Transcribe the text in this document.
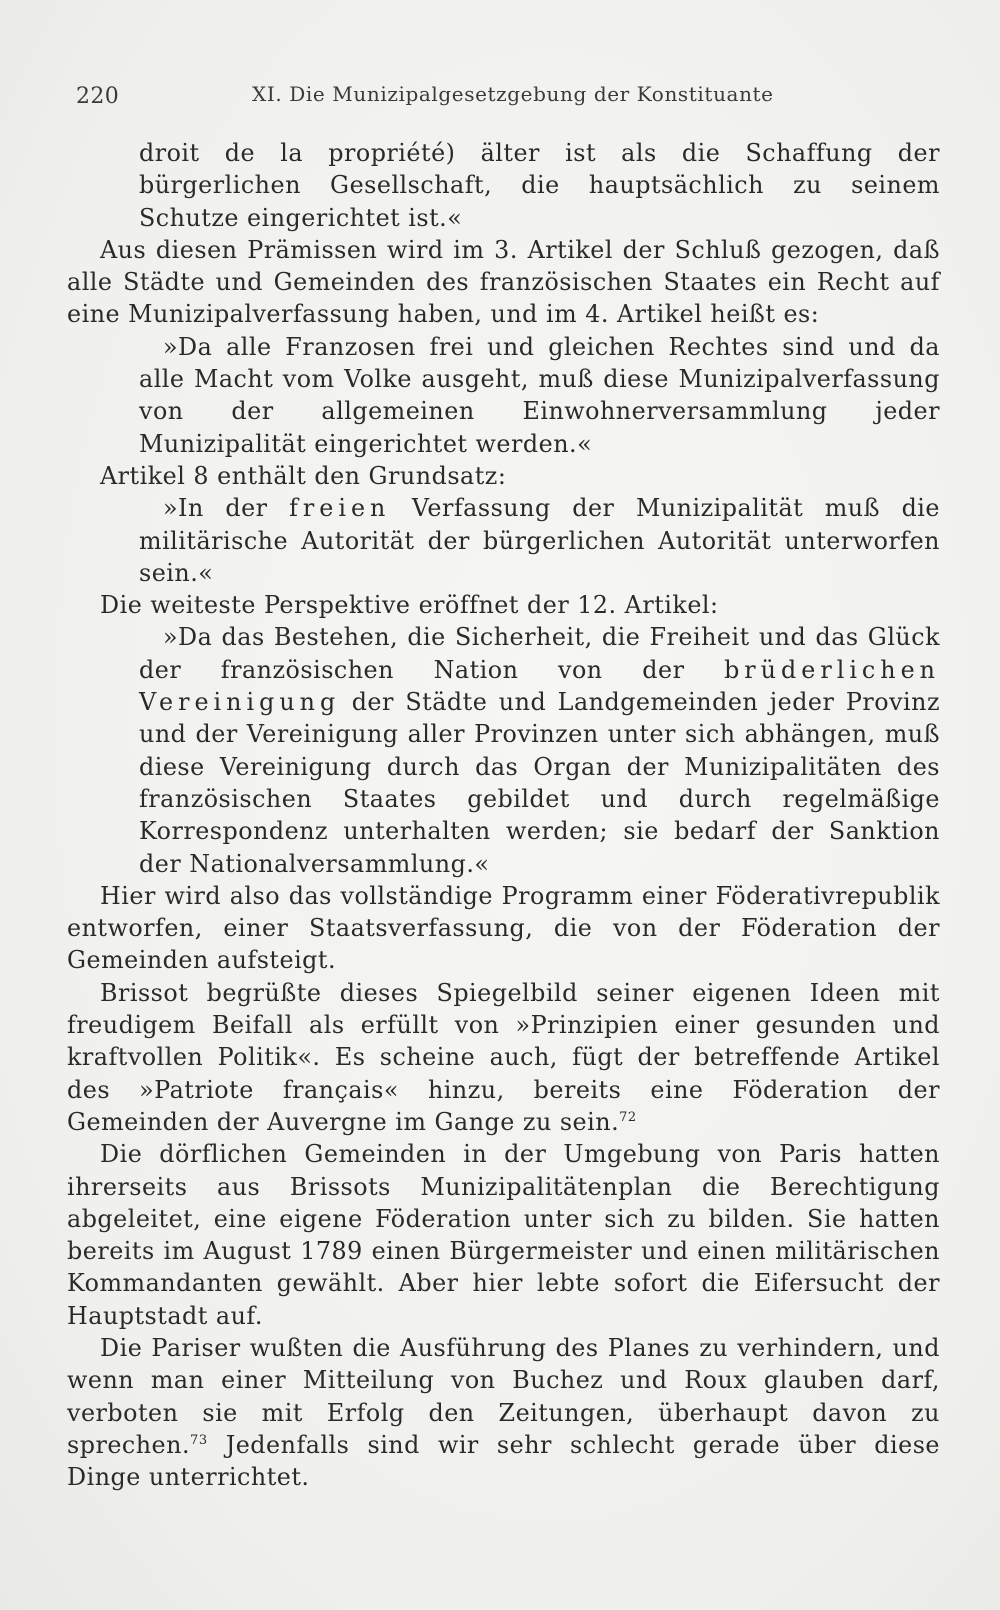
220	XI. Die Munizipalgesetzgebung der Konstituante

droit de la propriété) älter ist als die Schaffung der bürgerlichen Gesellschaft, die hauptsächlich zu seinem Schutze eingerichtet ist.«

Aus diesen Prämissen wird im 3. Artikel der Schluß gezogen, daß alle Städte und Gemeinden des französischen Staates ein Recht auf eine Munizipalverfassung haben, und im 4. Artikel heißt es:

»Da alle Franzosen frei und gleichen Rechtes sind und da alle Macht vom Volke ausgeht, muß diese Munizipalverfassung von der allgemeinen Einwohnerversammlung jeder Munizipalität eingerichtet werden.«

Artikel 8 enthält den Grundsatz:

»In der freien Verfassung der Munizipalität muß die militärische Autorität der bürgerlichen Autorität unterworfen sein.«

Die weiteste Perspektive eröffnet der 12. Artikel:

»Da das Bestehen, die Sicherheit, die Freiheit und das Glück der französischen Nation von der brüderlichen Vereinigung der Städte und Landgemeinden jeder Provinz und der Vereinigung aller Provinzen unter sich abhängen, muß diese Vereinigung durch das Organ der Munizipalitäten des französischen Staates gebildet und durch regelmäßige Korrespondenz unterhalten werden; sie bedarf der Sanktion der Nationalversammlung.«

Hier wird also das vollständige Programm einer Föderativrepublik entworfen, einer Staatsverfassung, die von der Föderation der Gemeinden aufsteigt.

Brissot begrüßte dieses Spiegelbild seiner eigenen Ideen mit freudigem Beifall als erfüllt von »Prinzipien einer gesunden und kraftvollen Politik«. Es scheine auch, fügt der betreffende Artikel des »Patriote français« hinzu, bereits eine Föderation der Gemeinden der Auvergne im Gange zu sein.$^{72}$

Die dörflichen Gemeinden in der Umgebung von Paris hatten ihrerseits aus Brissots Munizipalitätenplan die Berechtigung abgeleitet, eine eigene Föderation unter sich zu bilden. Sie hatten bereits im August 1789 einen Bürgermeister und einen militärischen Kommandanten gewählt. Aber hier lebte sofort die Eifersucht der Hauptstadt auf.

Die Pariser wußten die Ausführung des Planes zu verhindern, und wenn man einer Mitteilung von Buchez und Roux glauben darf, verboten sie mit Erfolg den Zeitungen, überhaupt davon zu sprechen.$^{73}$ Jedenfalls sind wir sehr schlecht gerade über diese Dinge unterrichtet.
